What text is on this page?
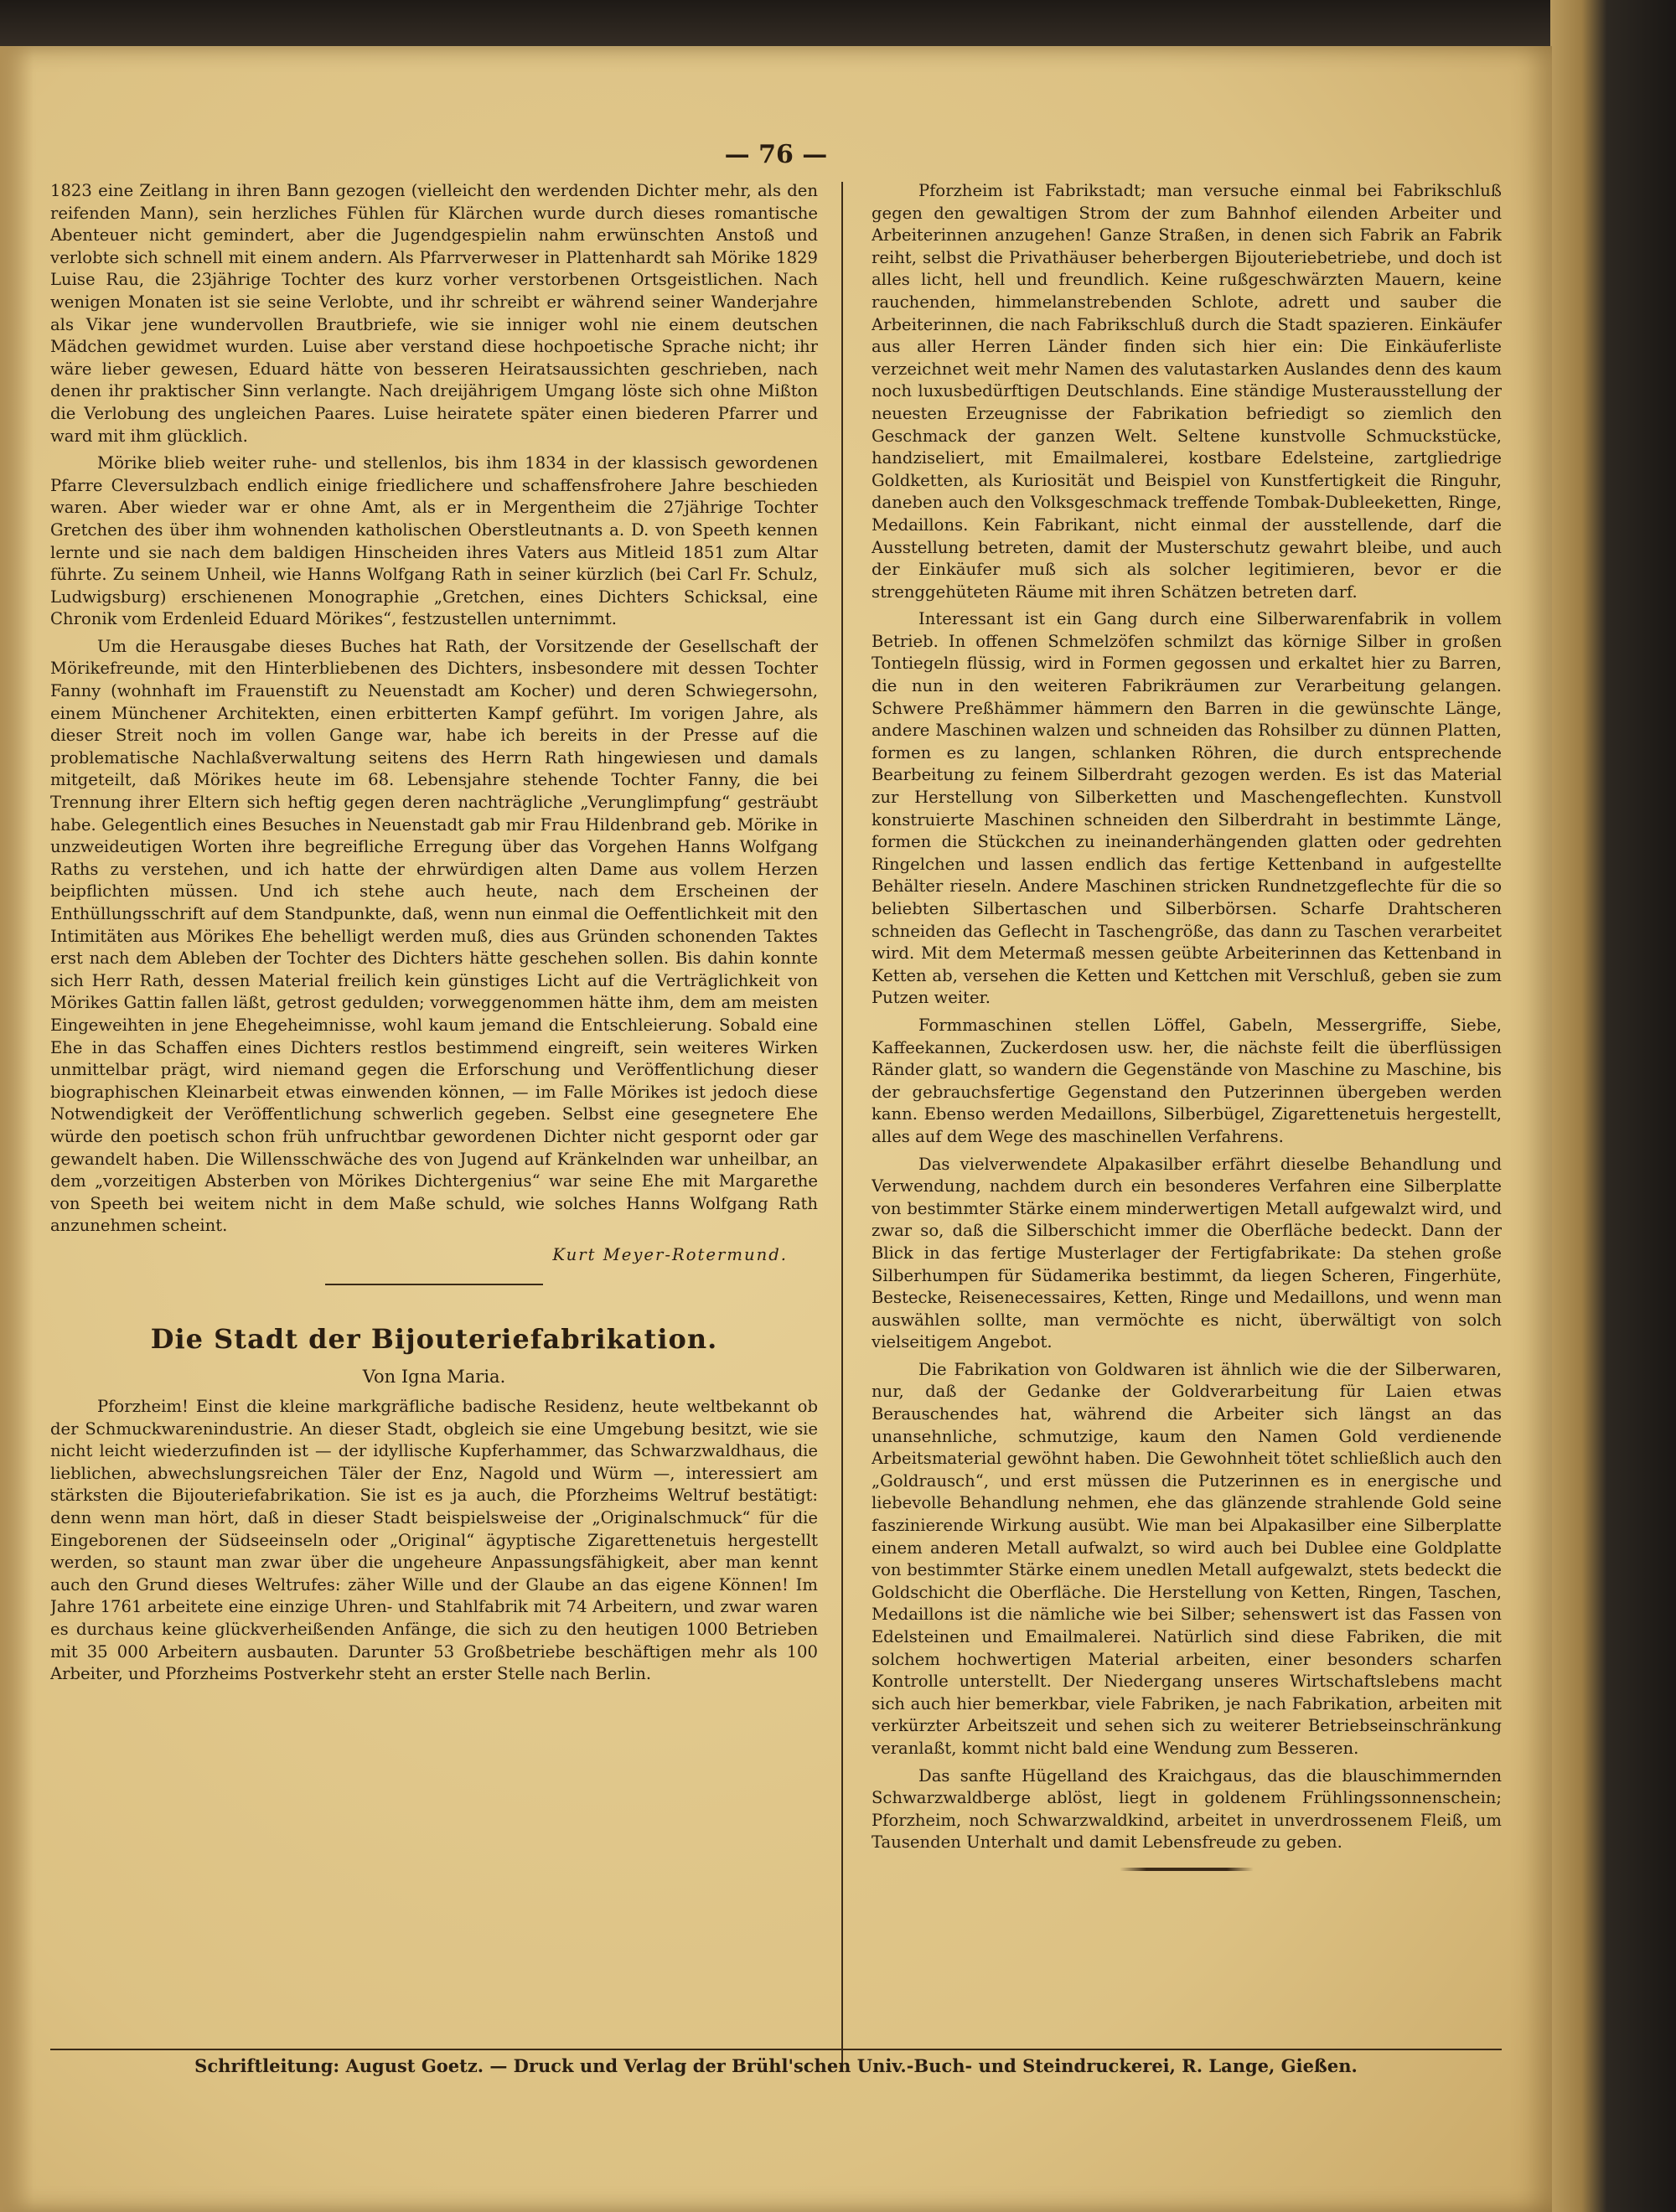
— 76 —

1823 eine Zeitlang in ihren Bann gezogen (vielleicht den werdenden Dichter mehr, als den reifenden Mann), sein herzliches Fühlen für Klärchen wurde durch dieses romantische Abenteuer nicht gemindert, aber die Jugendgespielin nahm erwünschten Anstoß und verlobte sich schnell mit einem andern. Als Pfarrverweser in Plattenhardt sah Mörike 1829 Luise Rau, die 23jährige Tochter des kurz vorher verstorbenen Ortsgeistlichen. Nach wenigen Monaten ist sie seine Verlobte, und ihr schreibt er während seiner Wanderjahre als Vikar jene wundervollen Brautbriefe, wie sie inniger wohl nie einem deutschen Mädchen gewidmet wurden. Luise aber verstand diese hochpoetische Sprache nicht; ihr wäre lieber gewesen, Eduard hätte von besseren Heiratsaussichten geschrieben, nach denen ihr praktischer Sinn verlangte. Nach dreijährigem Umgang löste sich ohne Mißton die Verlobung des ungleichen Paares. Luise heiratete später einen biederen Pfarrer und ward mit ihm glücklich.

Mörike blieb weiter ruhe- und stellenlos, bis ihm 1834 in der klassisch gewordenen Pfarre Cleversulzbach endlich einige friedlichere und schaffensfrohere Jahre beschieden waren. Aber wieder war er ohne Amt, als er in Mergentheim die 27jährige Tochter Gretchen des über ihm wohnenden katholischen Oberstleutnants a. D. von Speeth kennen lernte und sie nach dem baldigen Hinscheiden ihres Vaters aus Mitleid 1851 zum Altar führte. Zu seinem Unheil, wie Hanns Wolfgang Rath in seiner kürzlich (bei Carl Fr. Schulz, Ludwigsburg) erschienenen Monographie „Gretchen, eines Dichters Schicksal, eine Chronik vom Erdenleid Eduard Mörikes“, festzustellen unternimmt.

Um die Herausgabe dieses Buches hat Rath, der Vorsitzende der Gesellschaft der Mörikefreunde, mit den Hinterbliebenen des Dichters, insbesondere mit dessen Tochter Fanny (wohnhaft im Frauenstift zu Neuenstadt am Kocher) und deren Schwiegersohn, einem Münchener Architekten, einen erbitterten Kampf geführt. Im vorigen Jahre, als dieser Streit noch im vollen Gange war, habe ich bereits in der Presse auf die problematische Nachlaßverwaltung seitens des Herrn Rath hingewiesen und damals mitgeteilt, daß Mörikes heute im 68. Lebensjahre stehende Tochter Fanny, die bei Trennung ihrer Eltern sich heftig gegen deren nachträgliche „Verunglimpfung“ gesträubt habe. Gelegentlich eines Besuches in Neuenstadt gab mir Frau Hildenbrand geb. Mörike in unzweideutigen Worten ihre begreifliche Erregung über das Vorgehen Hanns Wolfgang Raths zu verstehen, und ich hatte der ehrwürdigen alten Dame aus vollem Herzen beipflichten müssen. Und ich stehe auch heute, nach dem Erscheinen der Enthüllungsschrift auf dem Standpunkte, daß, wenn nun einmal die Oeffentlichkeit mit den Intimitäten aus Mörikes Ehe behelligt werden muß, dies aus Gründen schonenden Taktes erst nach dem Ableben der Tochter des Dichters hätte geschehen sollen. Bis dahin konnte sich Herr Rath, dessen Material freilich kein günstiges Licht auf die Verträglichkeit von Mörikes Gattin fallen läßt, getrost gedulden; vorweggenommen hätte ihm, dem am meisten Eingeweihten in jene Ehegeheimnisse, wohl kaum jemand die Entschleierung. Sobald eine Ehe in das Schaffen eines Dichters restlos bestimmend eingreift, sein weiteres Wirken unmittelbar prägt, wird niemand gegen die Erforschung und Veröffentlichung dieser biographischen Kleinarbeit etwas einwenden können, — im Falle Mörikes ist jedoch diese Notwendigkeit der Veröffentlichung schwerlich gegeben. Selbst eine gesegnetere Ehe würde den poetisch schon früh unfruchtbar gewordenen Dichter nicht gespornt oder gar gewandelt haben. Die Willensschwäche des von Jugend auf Kränkelnden war unheilbar, an dem „vorzeitigen Absterben von Mörikes Dichtergenius“ war seine Ehe mit Margarethe von Speeth bei weitem nicht in dem Maße schuld, wie solches Hanns Wolfgang Rath anzunehmen scheint.

Kurt Meyer-Rotermund.

Die Stadt der Bijouteriefabrikation.

Von Igna Maria.

Pforzheim! Einst die kleine markgräfliche badische Residenz, heute weltbekannt ob der Schmuckwarenindustrie. An dieser Stadt, obgleich sie eine Umgebung besitzt, wie sie nicht leicht wiederzufinden ist — der idyllische Kupferhammer, das Schwarzwaldhaus, die lieblichen, abwechslungsreichen Täler der Enz, Nagold und Würm —, interessiert am stärksten die Bijouteriefabrikation. Sie ist es ja auch, die Pforzheims Weltruf bestätigt: denn wenn man hört, daß in dieser Stadt beispielsweise der „Originalschmuck“ für die Eingeborenen der Südseeinseln oder „Original“ ägyptische Zigarettenetuis hergestellt werden, so staunt man zwar über die ungeheure Anpassungsfähigkeit, aber man kennt auch den Grund dieses Weltrufes: zäher Wille und der Glaube an das eigene Können! Im Jahre 1761 arbeitete eine einzige Uhren- und Stahlfabrik mit 74 Arbeitern, und zwar waren es durchaus keine glückverheißenden Anfänge, die sich zu den heutigen 1000 Betrieben mit 35 000 Arbeitern ausbauten. Darunter 53 Großbetriebe beschäftigen mehr als 100 Arbeiter, und Pforzheims Postverkehr steht an erster Stelle nach Berlin.

Pforzheim ist Fabrikstadt; man versuche einmal bei Fabrikschluß gegen den gewaltigen Strom der zum Bahnhof eilenden Arbeiter und Arbeiterinnen anzugehen! Ganze Straßen, in denen sich Fabrik an Fabrik reiht, selbst die Privathäuser beherbergen Bijouteriebetriebe, und doch ist alles licht, hell und freundlich. Keine rußgeschwärzten Mauern, keine rauchenden, himmelanstrebenden Schlote, adrett und sauber die Arbeiterinnen, die nach Fabrikschluß durch die Stadt spazieren. Einkäufer aus aller Herren Länder finden sich hier ein: Die Einkäuferliste verzeichnet weit mehr Namen des valutastarken Auslandes denn des kaum noch luxusbedürftigen Deutschlands. Eine ständige Musterausstellung der neuesten Erzeugnisse der Fabrikation befriedigt so ziemlich den Geschmack der ganzen Welt. Seltene kunstvolle Schmuckstücke, handziseliert, mit Emailmalerei, kostbare Edelsteine, zartgliedrige Goldketten, als Kuriosität und Beispiel von Kunstfertigkeit die Ringuhr, daneben auch den Volksgeschmack treffende Tombak-Dubleeketten, Ringe, Medaillons. Kein Fabrikant, nicht einmal der ausstellende, darf die Ausstellung betreten, damit der Musterschutz gewahrt bleibe, und auch der Einkäufer muß sich als solcher legitimieren, bevor er die strenggehüteten Räume mit ihren Schätzen betreten darf.

Interessant ist ein Gang durch eine Silberwarenfabrik in vollem Betrieb. In offenen Schmelzöfen schmilzt das körnige Silber in großen Tontiegeln flüssig, wird in Formen gegossen und erkaltet hier zu Barren, die nun in den weiteren Fabrikräumen zur Verarbeitung gelangen. Schwere Preßhämmer hämmern den Barren in die gewünschte Länge, andere Maschinen walzen und schneiden das Rohsilber zu dünnen Platten, formen es zu langen, schlanken Röhren, die durch entsprechende Bearbeitung zu feinem Silberdraht gezogen werden. Es ist das Material zur Herstellung von Silberketten und Maschengeflechten. Kunstvoll konstruierte Maschinen schneiden den Silberdraht in bestimmte Länge, formen die Stückchen zu ineinanderhängenden glatten oder gedrehten Ringelchen und lassen endlich das fertige Kettenband in aufgestellte Behälter rieseln. Andere Maschinen stricken Rundnetzgeflechte für die so beliebten Silbertaschen und Silberbörsen. Scharfe Drahtscheren schneiden das Geflecht in Taschengröße, das dann zu Taschen verarbeitet wird. Mit dem Metermaß messen geübte Arbeiterinnen das Kettenband in Ketten ab, versehen die Ketten und Kettchen mit Verschluß, geben sie zum Putzen weiter.

Formmaschinen stellen Löffel, Gabeln, Messergriffe, Siebe, Kaffeekannen, Zuckerdosen usw. her, die nächste feilt die überflüssigen Ränder glatt, so wandern die Gegenstände von Maschine zu Maschine, bis der gebrauchsfertige Gegenstand den Putzerinnen übergeben werden kann. Ebenso werden Medaillons, Silberbügel, Zigarettenetuis hergestellt, alles auf dem Wege des maschinellen Verfahrens.

Das vielverwendete Alpakasilber erfährt dieselbe Behandlung und Verwendung, nachdem durch ein besonderes Verfahren eine Silberplatte von bestimmter Stärke einem minderwertigen Metall aufgewalzt wird, und zwar so, daß die Silberschicht immer die Oberfläche bedeckt. Dann der Blick in das fertige Musterlager der Fertigfabrikate: Da stehen große Silberhumpen für Südamerika bestimmt, da liegen Scheren, Fingerhüte, Bestecke, Reisenecessaires, Ketten, Ringe und Medaillons, und wenn man auswählen sollte, man vermöchte es nicht, überwältigt von solch vielseitigem Angebot.

Die Fabrikation von Goldwaren ist ähnlich wie die der Silberwaren, nur, daß der Gedanke der Goldverarbeitung für Laien etwas Berauschendes hat, während die Arbeiter sich längst an das unansehnliche, schmutzige, kaum den Namen Gold verdienende Arbeitsmaterial gewöhnt haben. Die Gewohnheit tötet schließlich auch den „Goldrausch“, und erst müssen die Putzerinnen es in energische und liebevolle Behandlung nehmen, ehe das glänzende strahlende Gold seine faszinierende Wirkung ausübt. Wie man bei Alpakasilber eine Silberplatte einem anderen Metall aufwalzt, so wird auch bei Dublee eine Goldplatte von bestimmter Stärke einem unedlen Metall aufgewalzt, stets bedeckt die Goldschicht die Oberfläche. Die Herstellung von Ketten, Ringen, Taschen, Medaillons ist die nämliche wie bei Silber; sehenswert ist das Fassen von Edelsteinen und Emailmalerei. Natürlich sind diese Fabriken, die mit solchem hochwertigen Material arbeiten, einer besonders scharfen Kontrolle unterstellt. Der Niedergang unseres Wirtschaftslebens macht sich auch hier bemerkbar, viele Fabriken, je nach Fabrikation, arbeiten mit verkürzter Arbeitszeit und sehen sich zu weiterer Betriebseinschränkung veranlaßt, kommt nicht bald eine Wendung zum Besseren.

Das sanfte Hügelland des Kraichgaus, das die blauschimmernden Schwarzwaldberge ablöst, liegt in goldenem Frühlingssonnenschein; Pforzheim, noch Schwarzwaldkind, arbeitet in unverdrossenem Fleiß, um Tausenden Unterhalt und damit Lebensfreude zu geben.

Schriftleitung: August Goetz. — Druck und Verlag der Brühl'schen Univ.-Buch- und Steindruckerei, R. Lange, Gießen.
